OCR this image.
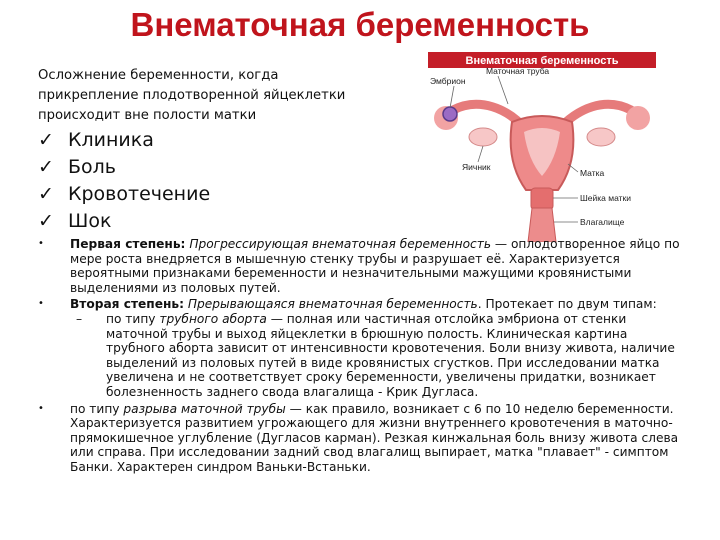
Внематочная беременность
Осложнение беременности, когда прикрепление плодотворенной яйцеклетки происходит вне полости матки
✓ Клиника
✓ Боль
✓ Кровотечение
✓ Шок
Внематочная беременность
Эмбрион
Маточная труба
Яичник
Матка
Шейка матки
Влагалище
•	Первая степень: Прогрессирующая внематочная беременность — оплодотворенное яйцо по мере роста внедряется в мышечную стенку трубы и разрушает её. Характеризуется вероятными признаками беременности и незначительными мажущими кровянистыми выделениями из половых путей.
•	Вторая степень: Прерывающаяся внематочная беременность. Протекает по двум типам:
– по типу трубного аборта — полная или частичная отслойка эмбриона от стенки маточной трубы и выход яйцеклетки в брюшную полость. Клиническая картина трубного аборта зависит от интенсивности кровотечения. Боли внизу живота, наличие выделений из половых путей в виде кровянистых сгустков. При исследовании матка увеличена и не соответствует сроку беременности, увеличены придатки, возникает болезненность заднего свода влагалища - Крик Дугласа.
•	по типу разрыва маточной трубы — как правило, возникает с 6 по 10 неделю беременности. Характеризуется развитием угрожающего для жизни внутреннего кровотечения в маточно-прямокишечное углубление (Дугласов карман). Резкая кинжальная боль внизу живота слева или справа. При исследовании задний свод влагалищ выпирает, матка "плавает" - симптом Банки. Характерен синдром Ваньки-Встаньки.
